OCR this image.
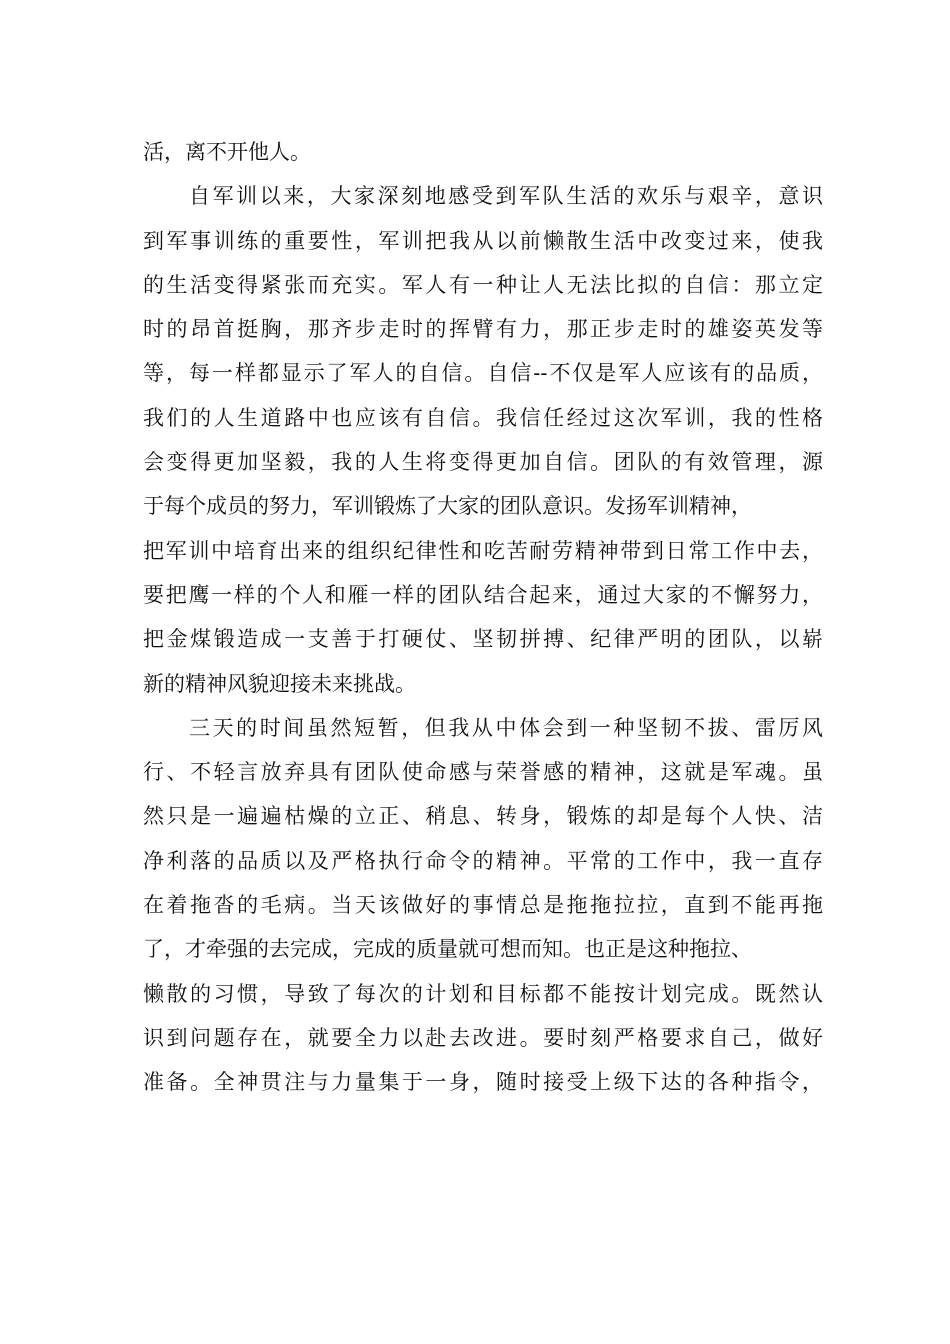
活，离不开他人。
自军训以来，大家深刻地感受到军队生活的欢乐与艰辛，意识
到军事训练的重要性，军训把我从以前懒散生活中改变过来，使我
的生活变得紧张而充实。军人有一种让人无法比拟的自信：那立定
时的昂首挺胸，那齐步走时的挥臂有力，那正步走时的雄姿英发等
等，每一样都显示了军人的自信。自信--不仅是军人应该有的品质，
我们的人生道路中也应该有自信。我信任经过这次军训，我的性格
会变得更加坚毅，我的人生将变得更加自信。团队的有效管理，源
于每个成员的努力，军训锻炼了大家的团队意识。发扬军训精神，
把军训中培育出来的组织纪律性和吃苦耐劳精神带到日常工作中去，
要把鹰一样的个人和雁一样的团队结合起来，通过大家的不懈努力，
把金煤锻造成一支善于打硬仗、坚韧拼搏、纪律严明的团队，以崭
新的精神风貌迎接未来挑战。
三天的时间虽然短暂，但我从中体会到一种坚韧不拔、雷厉风
行、不轻言放弃具有团队使命感与荣誉感的精神，这就是军魂。虽
然只是一遍遍枯燥的立正、稍息、转身，锻炼的却是每个人快、洁
净利落的品质以及严格执行命令的精神。平常的工作中，我一直存
在着拖沓的毛病。当天该做好的事情总是拖拖拉拉，直到不能再拖
了，才牵强的去完成，完成的质量就可想而知。也正是这种拖拉、
懒散的习惯，导致了每次的计划和目标都不能按计划完成。既然认
识到问题存在，就要全力以赴去改进。要时刻严格要求自己，做好
准备。全神贯注与力量集于一身，随时接受上级下达的各种指令，
